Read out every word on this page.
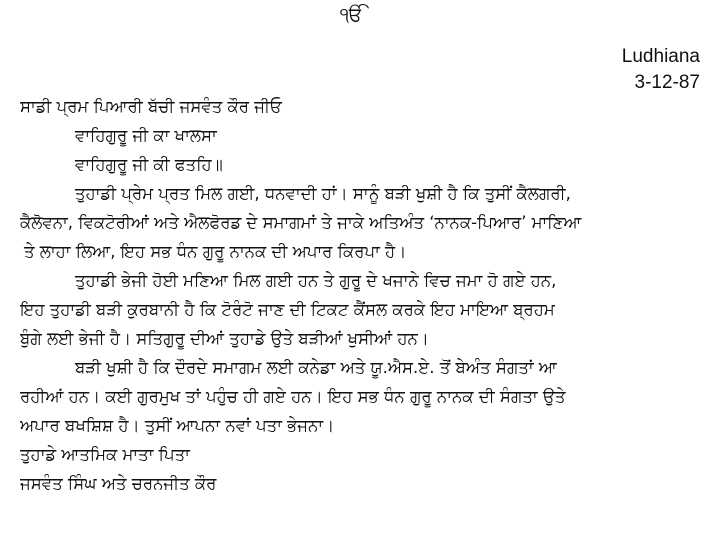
ੴ
Ludhiana
3-12-87
ਸਾਡੀ ਪ੍ਰਮ ਪਿਆਰੀ ਬੱਚੀ ਜਸਵੰਤ ਕੌਰ ਜੀਓ
ਵਾਹਿਗੁਰੂ ਜੀ ਕਾ ਖਾਲਸਾ
ਵਾਹਿਗੁਰੂ ਜੀ ਕੀ ਫਤਹਿ॥
ਤੁਹਾਡੀ ਪ੍ਰੇਮ ਪ੍ਰਤ ਮਿਲ ਗਈ, ਧਨਵਾਦੀ ਹਾਂ। ਸਾਨੂੰ ਬੜੀ ਖੁਸ਼ੀ ਹੈ ਕਿ ਤੁਸੀਂ ਕੈਲਗਰੀ,
ਕੈਲੋਵਨਾ, ਵਿਕਟੋਰੀਆਂ ਅਤੇ ਐਲਫੋਰਡ ਦੇ ਸਮਾਗਮਾਂ ਤੇ ਜਾਕੇ ਅਤਿਅੰਤ ‘ਨਾਨਕ-ਪਿਆਰ’ ਮਾਣਿਆ
ਤੇ ਲਾਹਾ ਲਿਆ, ਇਹ ਸਭ ਧੰਨ ਗੁਰੂ ਨਾਨਕ ਦੀ ਅਪਾਰ ਕਿਰਪਾ ਹੈ।
ਤੁਹਾਡੀ ਭੇਜੀ ਹੋਈ ਮਣਿਆ ਮਿਲ ਗਈ ਹਨ ਤੇ ਗੁਰੂ ਦੇ ਖਜਾਨੇ ਵਿਚ ਜਮਾ ਹੋ ਗਏ ਹਨ,
ਇਹ ਤੁਹਾਡੀ ਬੜੀ ਕੁਰਬਾਨੀ ਹੈ ਕਿ ਟੋਰੰਟੋ ਜਾਣ ਦੀ ਟਿਕਟ ਕੈਂਸਲ ਕਰਕੇ ਇਹ ਮਾਇਆ ਬ੍ਰਹਮ
ਬੁੰਗੇ ਲਈ ਭੇਜੀ ਹੈ। ਸਤਿਗੁਰੂ ਦੀਆਂ ਤੁਹਾਡੇ ਉਤੇ ਬੜੀਆਂ ਖੁਸੀਆਂ ਹਨ।
ਬੜੀ ਖੁਸ਼ੀ ਹੈ ਕਿ ਦੌਰਦੇ ਸਮਾਗਮ ਲਈ ਕਨੇਡਾ ਅਤੇ ਯੂ.ਐਸ.ਏ. ਤੋਂ ਬੇਅੰਤ ਸੰਗਤਾਂ ਆ
ਰਹੀਆਂ ਹਨ। ਕਈ ਗੁਰਮੁਖ ਤਾਂ ਪਹੁੰਚ ਹੀ ਗਏ ਹਨ। ਇਹ ਸਭ ਧੰਨ ਗੁਰੂ ਨਾਨਕ ਦੀ ਸੰਗਤਾ ਉਤੇ
ਅਪਾਰ ਬਖਸ਼ਿਸ਼ ਹੈ। ਤੁਸੀਂ ਆਪਨਾ ਨਵਾਂ ਪਤਾ ਭੇਜਨਾ।
ਤੁਹਾਡੇ ਆਤਮਿਕ ਮਾਤਾ ਪਿਤਾ
ਜਸਵੰਤ ਸਿੰਘ ਅਤੇ ਚਰਨਜੀਤ ਕੌਰ
